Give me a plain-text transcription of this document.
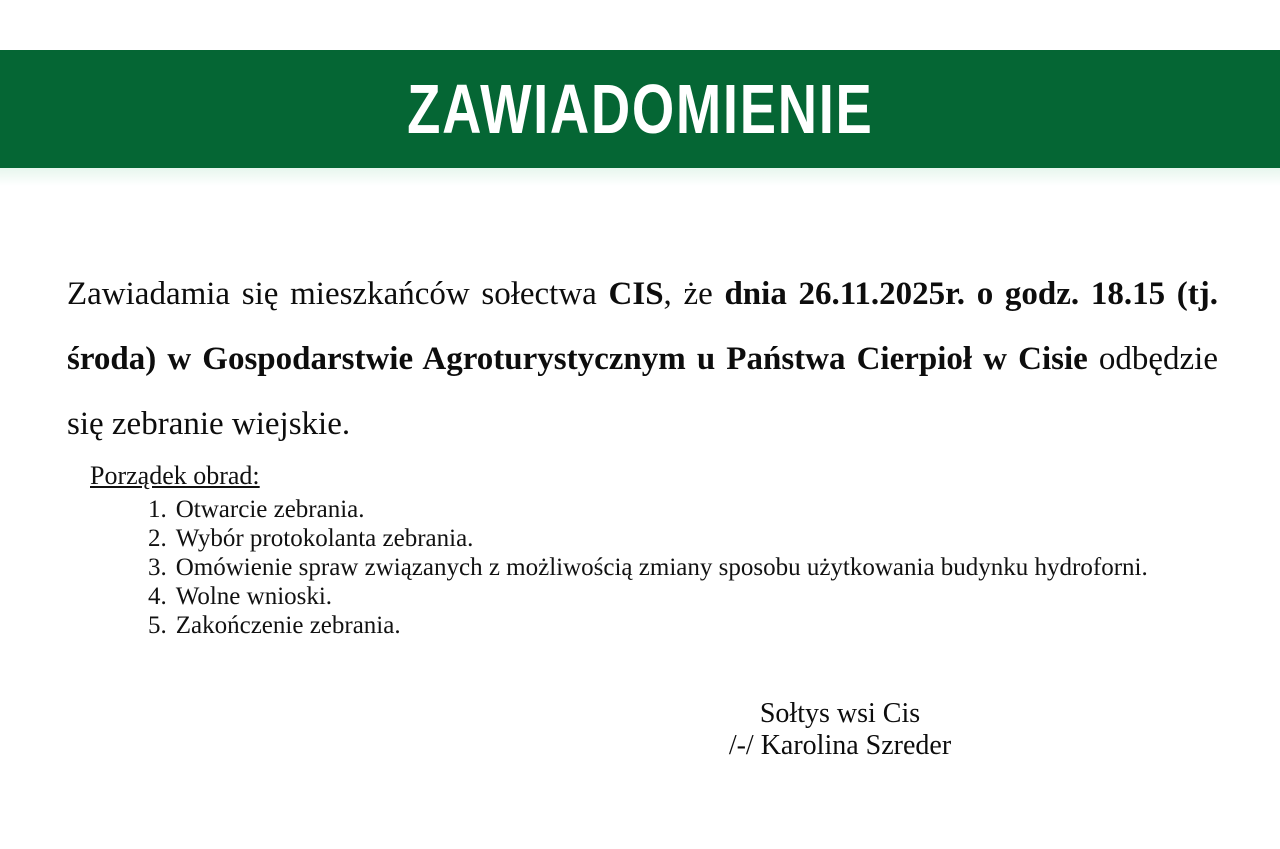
ZAWIADOMIENIE

Zawiadamia się mieszkańców sołectwa CIS, że dnia 26.11.2025r. o godz. 18.15 (tj. środa) w Gospodarstwie Agroturystycznym u Państwa Cierpioł w Cisie odbędzie się zebranie wiejskie.

Porządek obrad:
1. Otwarcie zebrania.
2. Wybór protokolanta zebrania.
3. Omówienie spraw związanych z możliwością zmiany sposobu użytkowania budynku hydroforni.
4. Wolne wnioski.
5. Zakończenie zebrania.
Sołtys wsi Cis
/-/ Karolina Szreder
